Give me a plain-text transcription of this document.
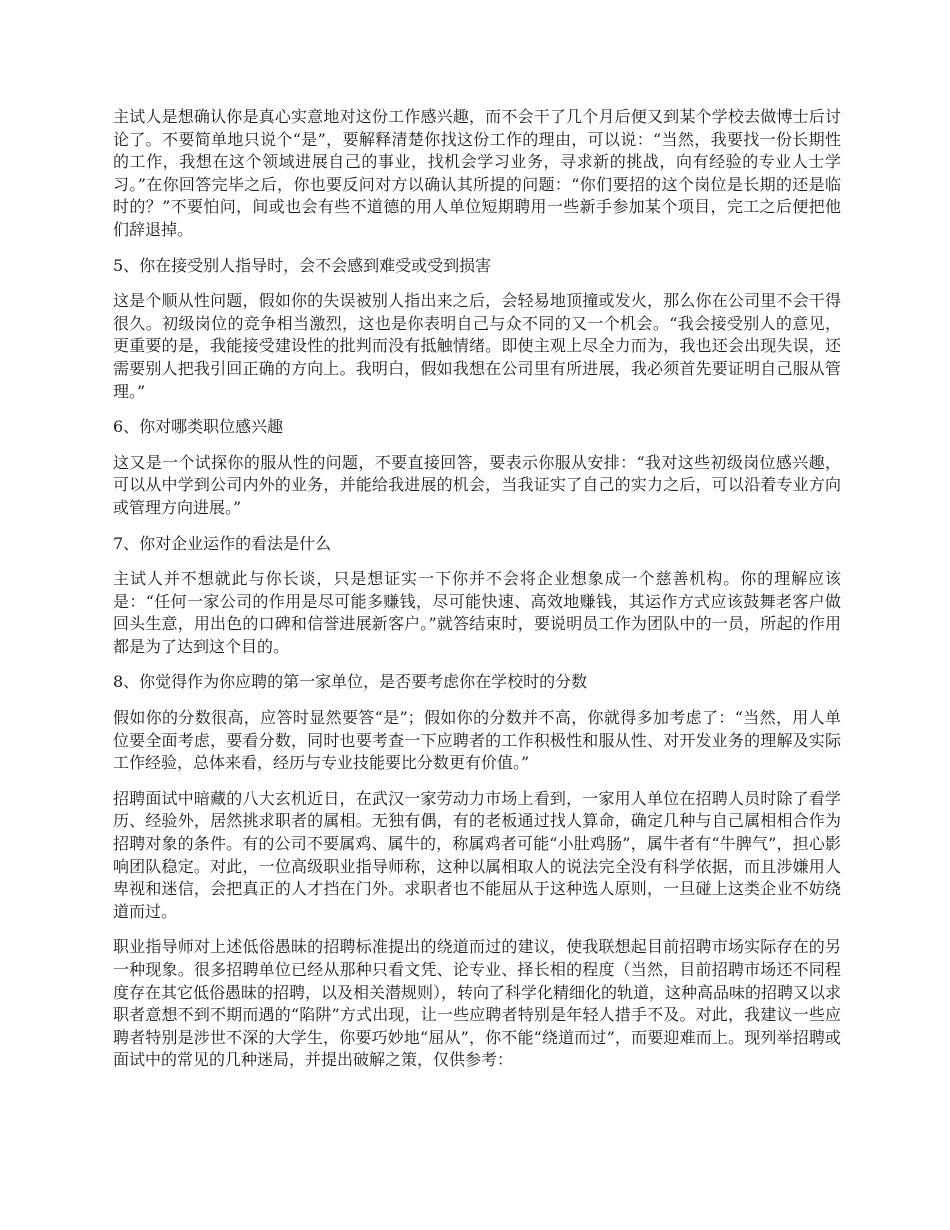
主试人是想确认你是真心实意地对这份工作感兴趣，而不会干了几个月后便又到某个学校去做博士后讨论了。不要简单地只说个“是”，要解释清楚你找这份工作的理由，可以说：“当然，我要找一份长期性的工作，我想在这个领域进展自己的事业，找机会学习业务，寻求新的挑战，向有经验的专业人士学习。”在你回答完毕之后，你也要反问对方以确认其所提的问题：“你们要招的这个岗位是长期的还是临时的？”不要怕问，间或也会有些不道德的用人单位短期聘用一些新手参加某个项目，完工之后便把他们辞退掉。

5、你在接受别人指导时，会不会感到难受或受到损害

这是个顺从性问题，假如你的失误被别人指出来之后，会轻易地顶撞或发火，那么你在公司里不会干得很久。初级岗位的竞争相当激烈，这也是你表明自己与众不同的又一个机会。“我会接受别人的意见，更重要的是，我能接受建设性的批判而没有抵触情绪。即使主观上尽全力而为，我也还会出现失误，还需要别人把我引回正确的方向上。我明白，假如我想在公司里有所进展，我必须首先要证明自己服从管理。”

6、你对哪类职位感兴趣

这又是一个试探你的服从性的问题，不要直接回答，要表示你服从安排：“我对这些初级岗位感兴趣，可以从中学到公司内外的业务，并能给我进展的机会，当我证实了自己的实力之后，可以沿着专业方向或管理方向进展。”

7、你对企业运作的看法是什么

主试人并不想就此与你长谈，只是想证实一下你并不会将企业想象成一个慈善机构。你的理解应该是：“任何一家公司的作用是尽可能多赚钱，尽可能快速、高效地赚钱，其运作方式应该鼓舞老客户做回头生意，用出色的口碑和信誉进展新客户。”就答结束时，要说明员工作为团队中的一员，所起的作用都是为了达到这个目的。

8、你觉得作为你应聘的第一家单位，是否要考虑你在学校时的分数

假如你的分数很高，应答时显然要答“是”；假如你的分数并不高，你就得多加考虑了：“当然，用人单位要全面考虑，要看分数，同时也要考查一下应聘者的工作积极性和服从性、对开发业务的理解及实际工作经验，总体来看，经历与专业技能要比分数更有价值。”

招聘面试中暗藏的八大玄机近日，在武汉一家劳动力市场上看到，一家用人单位在招聘人员时除了看学历、经验外，居然挑求职者的属相。无独有偶，有的老板通过找人算命，确定几种与自己属相相合作为招聘对象的条件。有的公司不要属鸡、属牛的，称属鸡者可能“小肚鸡肠”，属牛者有“牛脾气”，担心影响团队稳定。对此，一位高级职业指导师称，这种以属相取人的说法完全没有科学依据，而且涉嫌用人卑视和迷信，会把真正的人才挡在门外。求职者也不能屈从于这种选人原则，一旦碰上这类企业不妨绕道而过。

职业指导师对上述低俗愚昧的招聘标准提出的绕道而过的建议，使我联想起目前招聘市场实际存在的另一种现象。很多招聘单位已经从那种只看文凭、论专业、择长相的程度（当然，目前招聘市场还不同程度存在其它低俗愚昧的招聘，以及相关潜规则），转向了科学化精细化的轨道，这种高品味的招聘又以求职者意想不到不期而遇的“陷阱”方式出现，让一些应聘者特别是年轻人措手不及。对此，我建议一些应聘者特别是涉世不深的大学生，你要巧妙地“屈从”，你不能“绕道而过”，而要迎难而上。现列举招聘或面试中的常见的几种迷局，并提出破解之策，仅供参考：
